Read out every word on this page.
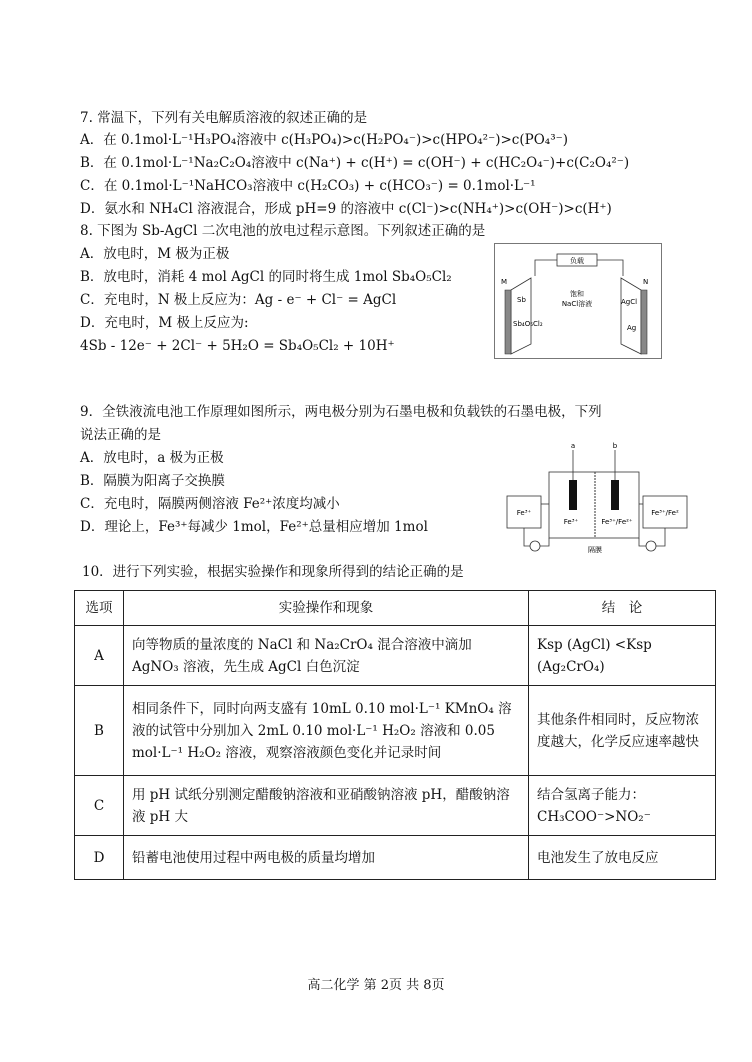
7. 常温下，下列有关电解质溶液的叙述正确的是
A．在 0.1mol·L⁻¹H₃PO₄溶液中 c(H₃PO₄)>c(H₂PO₄⁻)>c(HPO₄²⁻)>c(PO₄³⁻)
B．在 0.1mol·L⁻¹Na₂C₂O₄溶液中 c(Na⁺) + c(H⁺) = c(OH⁻) + c(HC₂O₄⁻)+c(C₂O₄²⁻)
C．在 0.1mol·L⁻¹NaHCO₃溶液中 c(H₂CO₃) + c(HCO₃⁻) = 0.1mol·L⁻¹
D．氨水和 NH₄Cl 溶液混合，形成 pH=9 的溶液中 c(Cl⁻)>c(NH₄⁺)>c(OH⁻)>c(H⁺)
8. 下图为 Sb-AgCl 二次电池的放电过程示意图。下列叙述正确的是
A．放电时，M 极为正极
B．放电时，消耗 4 mol AgCl 的同时将生成 1mol Sb₄O₅Cl₂
C．充电时，N 极上反应为：Ag - e⁻ + Cl⁻ = AgCl
D．充电时，M 极上反应为:
4Sb - 12e⁻ + 2Cl⁻ + 5H₂O = Sb₄O₅Cl₂ + 10H⁺
负载
M
Sb
Sb₄O₅Cl₂
N
AgCl
Ag
饱和
NaCl溶液
9．全铁液流电池工作原理如图所示，两电极分别为石墨电极和负载铁的石墨电极，下列
说法正确的是
A．放电时，a 极为正极
B．隔膜为阳离子交换膜
C．充电时，隔膜两侧溶液 Fe²⁺浓度均减小
D．理论上，Fe³⁺每减少 1mol，Fe²⁺总量相应增加 1mol
Fe³⁺	Fe³⁺/Fe²
a	b
Fe³⁺	Fe³⁺/Fe²⁺
隔膜
10．进行下列实验，根据实验操作和现象所得到的结论正确的是
选项	实验操作和现象	结　论
A	向等物质的量浓度的 NaCl 和 Na₂CrO₄ 混合溶液中滴加 AgNO₃ 溶液，先生成 AgCl 白色沉淀	Ksp (AgCl) <Ksp (Ag₂CrO₄)
B	相同条件下，同时向两支盛有 10mL 0.10 mol·L⁻¹ KMnO₄ 溶液的试管中分别加入 2mL 0.10 mol·L⁻¹ H₂O₂ 溶液和 0.05 mol·L⁻¹ H₂O₂ 溶液，观察溶液颜色变化并记录时间	其他条件相同时，反应物浓度越大，化学反应速率越快
C	用 pH 试纸分别测定醋酸钠溶液和亚硝酸钠溶液 pH，醋酸钠溶液 pH 大	结合氢离子能力：CH₃COO⁻>NO₂⁻
D	铅蓄电池使用过程中两电极的质量均增加	电池发生了放电反应
高二化学 第 2页 共 8页
